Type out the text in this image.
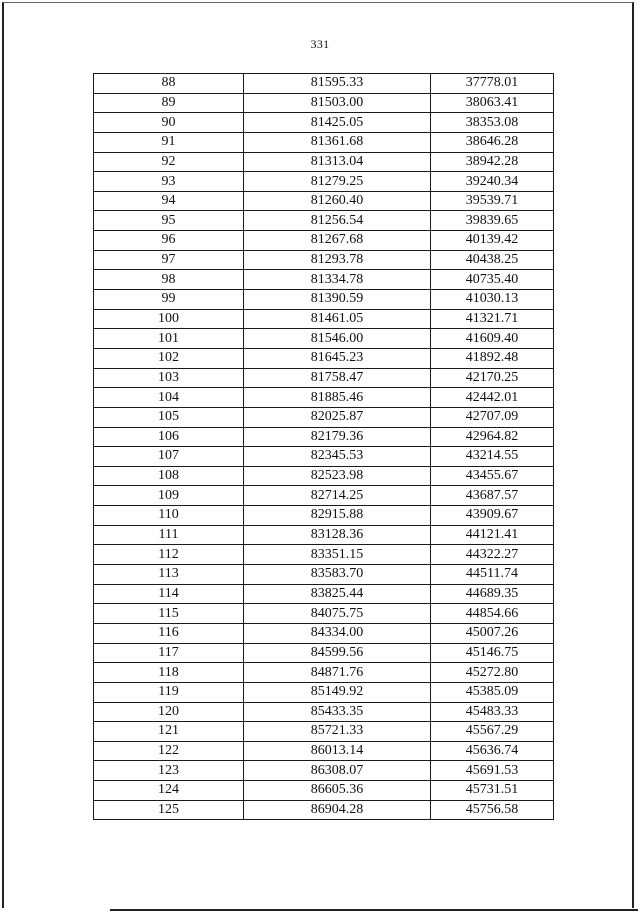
331
88	81595.33	37778.01
89	81503.00	38063.41
90	81425.05	38353.08
91	81361.68	38646.28
92	81313.04	38942.28
93	81279.25	39240.34
94	81260.40	39539.71
95	81256.54	39839.65
96	81267.68	40139.42
97	81293.78	40438.25
98	81334.78	40735.40
99	81390.59	41030.13
100	81461.05	41321.71
101	81546.00	41609.40
102	81645.23	41892.48
103	81758.47	42170.25
104	81885.46	42442.01
105	82025.87	42707.09
106	82179.36	42964.82
107	82345.53	43214.55
108	82523.98	43455.67
109	82714.25	43687.57
110	82915.88	43909.67
111	83128.36	44121.41
112	83351.15	44322.27
113	83583.70	44511.74
114	83825.44	44689.35
115	84075.75	44854.66
116	84334.00	45007.26
117	84599.56	45146.75
118	84871.76	45272.80
119	85149.92	45385.09
120	85433.35	45483.33
121	85721.33	45567.29
122	86013.14	45636.74
123	86308.07	45691.53
124	86605.36	45731.51
125	86904.28	45756.58
